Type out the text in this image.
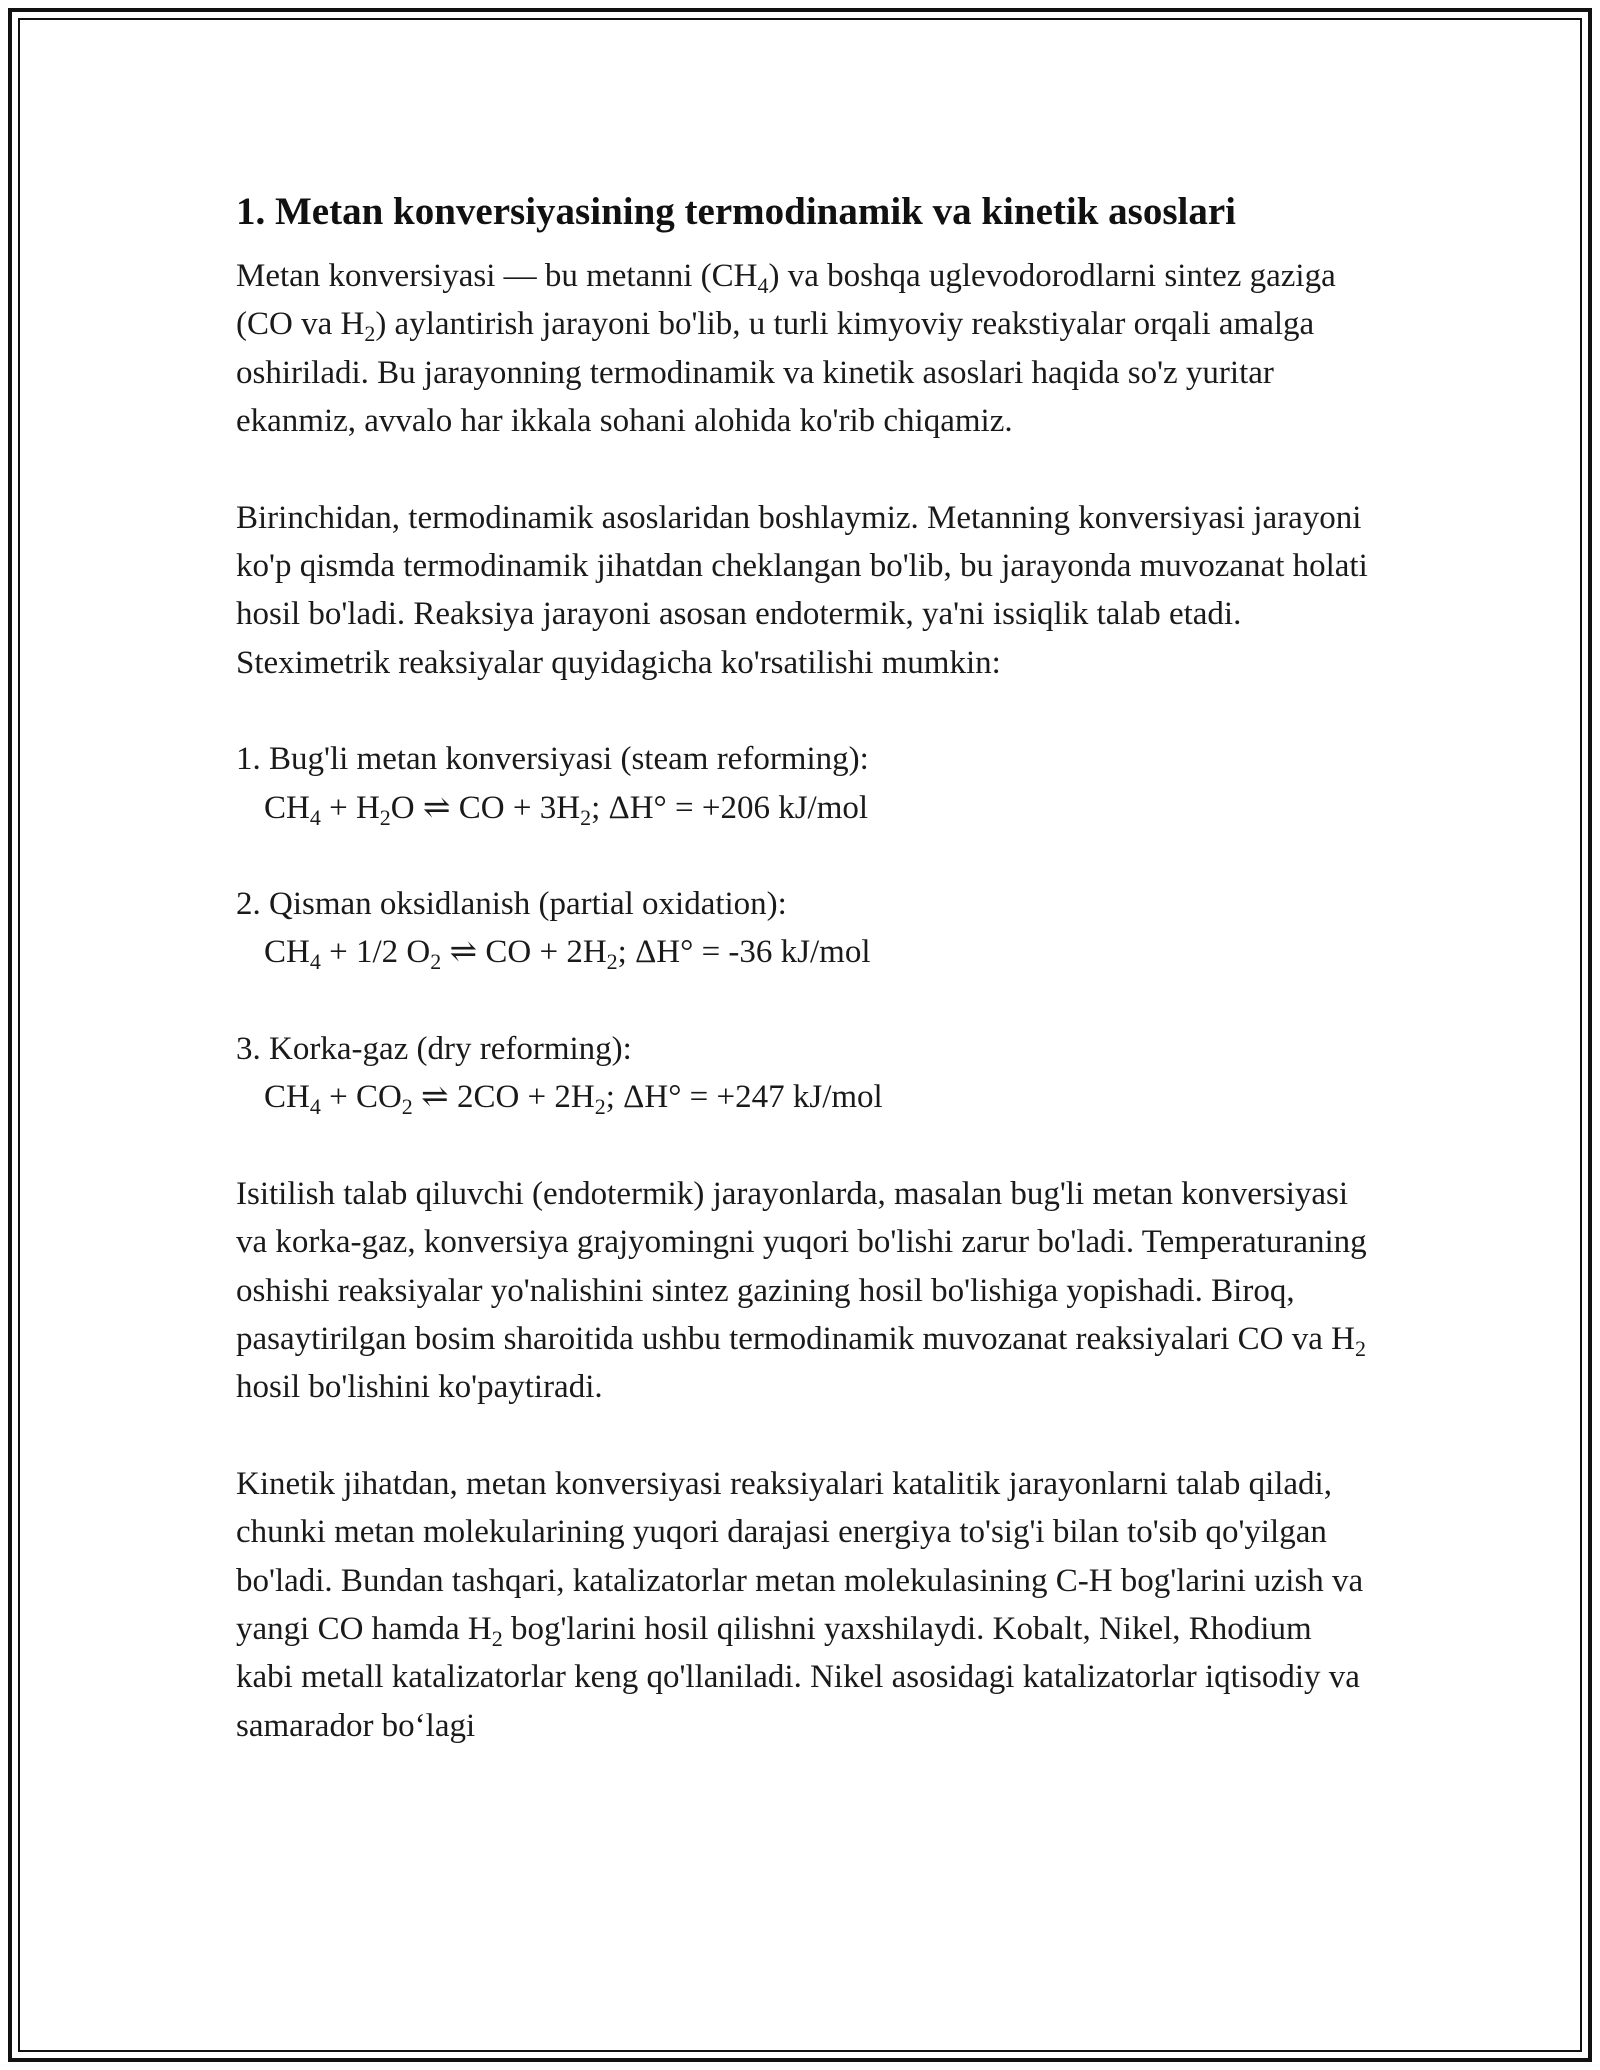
1. Metan konversiyasining termodinamik va kinetik asoslari

Metan konversiyasi — bu metanni $(CH_4)$ va boshqa uglevodorodlarni sintez gaziga (CO va $H_2$) aylantirish jarayoni bo'lib, u turli kimyoviy reakstiyalar orqali amalga oshiriladi. Bu jarayonning termodinamik va kinetik asoslari haqida so'z yuritar ekanmiz, avvalo har ikkala sohani alohida ko'rib chiqamiz.

Birinchidan, termodinamik asoslaridan boshlaymiz. Metanning konversiyasi jarayoni ko'p qismda termodinamik jihatdan cheklangan bo'lib, bu jarayonda muvozanat holati hosil bo'ladi. Reaksiya jarayoni asosan endotermik, ya'ni issiqlik talab etadi. Steximetrik reaksiyalar quyidagicha ko'rsatilishi mumkin:

1. Bug'li metan konversiyasi (steam reforming):
$CH_4 + H_2O$ ⇌ CO + $3H_2$; ΔH° = +206 kJ/mol
2. Qisman oksidlanish (partial oxidation):
$CH_4 + 1/2$ $O_2$ ⇌ CO + $2H_2$; ΔH° = -36 kJ/mol
3. Korka-gaz (dry reforming):
$CH_4 + CO_2$ ⇌ $2CO + 2H_2$; ΔH° = +247 kJ/mol

Isitilish talab qiluvchi (endotermik) jarayonlarda, masalan bug'li metan konversiyasi va korka-gaz, konversiya grajyomingni yuqori bo'lishi zarur bo'ladi. Temperaturaning oshishi reaksiyalar yo'nalishini sintez gazining hosil bo'lishiga yopishadi. Biroq, pasaytirilgan bosim sharoitida ushbu termodinamik muvozanat reaksiyalari CO va $H_2$ hosil bo'lishini ko'paytiradi.

Kinetik jihatdan, metan konversiyasi reaksiyalari katalitik jarayonlarni talab qiladi, chunki metan molekularining yuqori darajasi energiya to'sig'i bilan to'sib qo'yilgan bo'ladi. Bundan tashqari, katalizatorlar metan molekulasining C-H bog'larini uzish va yangi CO hamda $H_2$ bog'larini hosil qilishni yaxshilaydi. Kobalt, Nikel, Rhodium kabi metall katalizatorlar keng qo'llaniladi. Nikel asosidagi katalizatorlar iqtisodiy va samarador bo‘lagi
